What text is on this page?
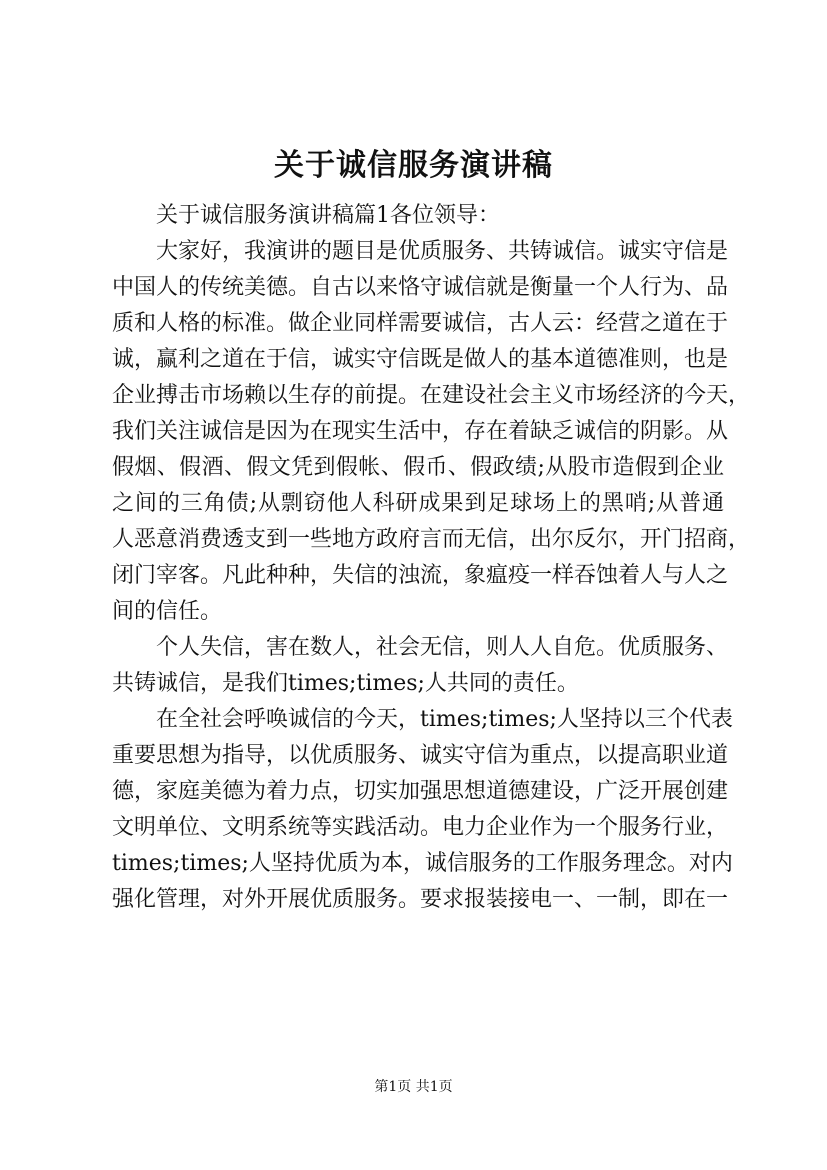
关于诚信服务演讲稿

关于诚信服务演讲稿篇1各位领导：

大家好，我演讲的题目是优质服务、共铸诚信。诚实守信是

中国人的传统美德。自古以来恪守诚信就是衡量一个人行为、品

质和人格的标准。做企业同样需要诚信，古人云：经营之道在于

诚，赢利之道在于信，诚实守信既是做人的基本道德准则，也是

企业搏击市场赖以生存的前提。在建设社会主义市场经济的今天，

我们关注诚信是因为在现实生活中，存在着缺乏诚信的阴影。从

假烟、假酒、假文凭到假帐、假币、假政绩;从股市造假到企业

之间的三角债;从剽窃他人科研成果到足球场上的黑哨;从普通

人恶意消费透支到一些地方政府言而无信，出尔反尔，开门招商，

闭门宰客。凡此种种，失信的浊流，象瘟疫一样吞蚀着人与人之

间的信任。

个人失信，害在数人，社会无信，则人人自危。优质服务、

共铸诚信，是我们times;times;人共同的责任。

在全社会呼唤诚信的今天，times;times;人坚持以三个代表

重要思想为指导，以优质服务、诚实守信为重点，以提高职业道

德，家庭美德为着力点，切实加强思想道德建设，广泛开展创建

文明单位、文明系统等实践活动。电力企业作为一个服务行业，

times;times;人坚持优质为本，诚信服务的工作服务理念。对内

强化管理，对外开展优质服务。要求报装接电一、一制，即在一

第1页 共1页
